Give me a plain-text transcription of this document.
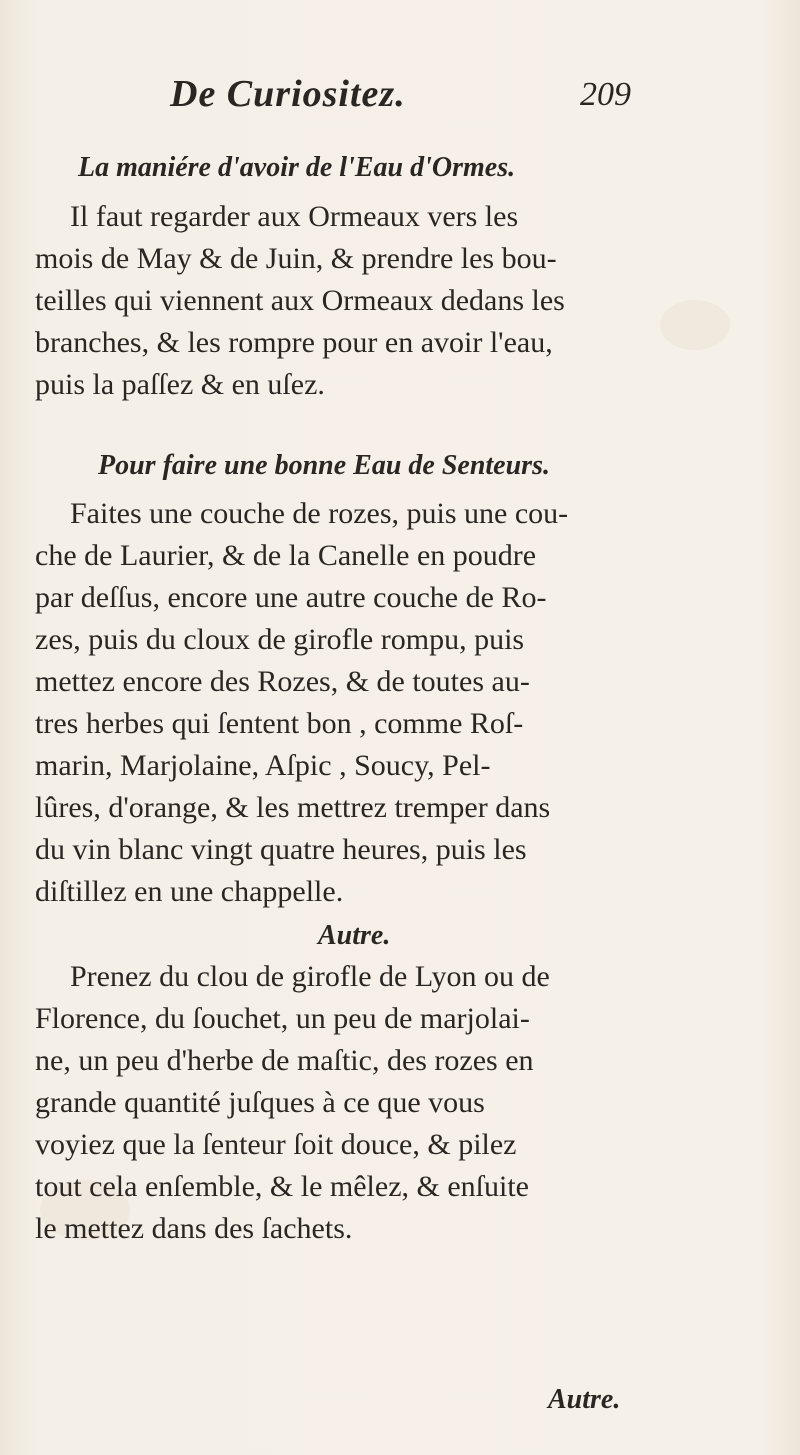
De Curiositez.	209
La maniére d'avoir de l'Eau d'Ormes.
Il faut regarder aux Ormeaux vers les
mois de May & de Juin, & prendre les bou-
teilles qui viennent aux Ormeaux dedans les
branches, & les rompre pour en avoir l'eau,
puis la paſſez & en uſez.
Pour faire une bonne Eau de Senteurs.
Faites une couche de rozes, puis une cou-
che de Laurier, & de la Canelle en poudre
par deſſus, encore une autre couche de Ro-
zes, puis du cloux de girofle rompu, puis
mettez encore des Rozes, & de toutes au-
tres herbes qui ſentent bon , comme Roſ-
marin, Marjolaine, Aſpic , Soucy, Pel-
lûres, d'orange, & les mettrez tremper dans
du vin blanc vingt quatre heures, puis les
diſtillez en une chappelle.
Autre.
Prenez du clou de girofle de Lyon ou de
Florence, du ſouchet, un peu de marjolai-
ne, un peu d'herbe de maſtic, des rozes en
grande quantité juſques à ce que vous
voyiez que la ſenteur ſoit douce, & pilez
tout cela enſemble, & le mêlez, & enſuite
le mettez dans des ſachets.
Autre.
